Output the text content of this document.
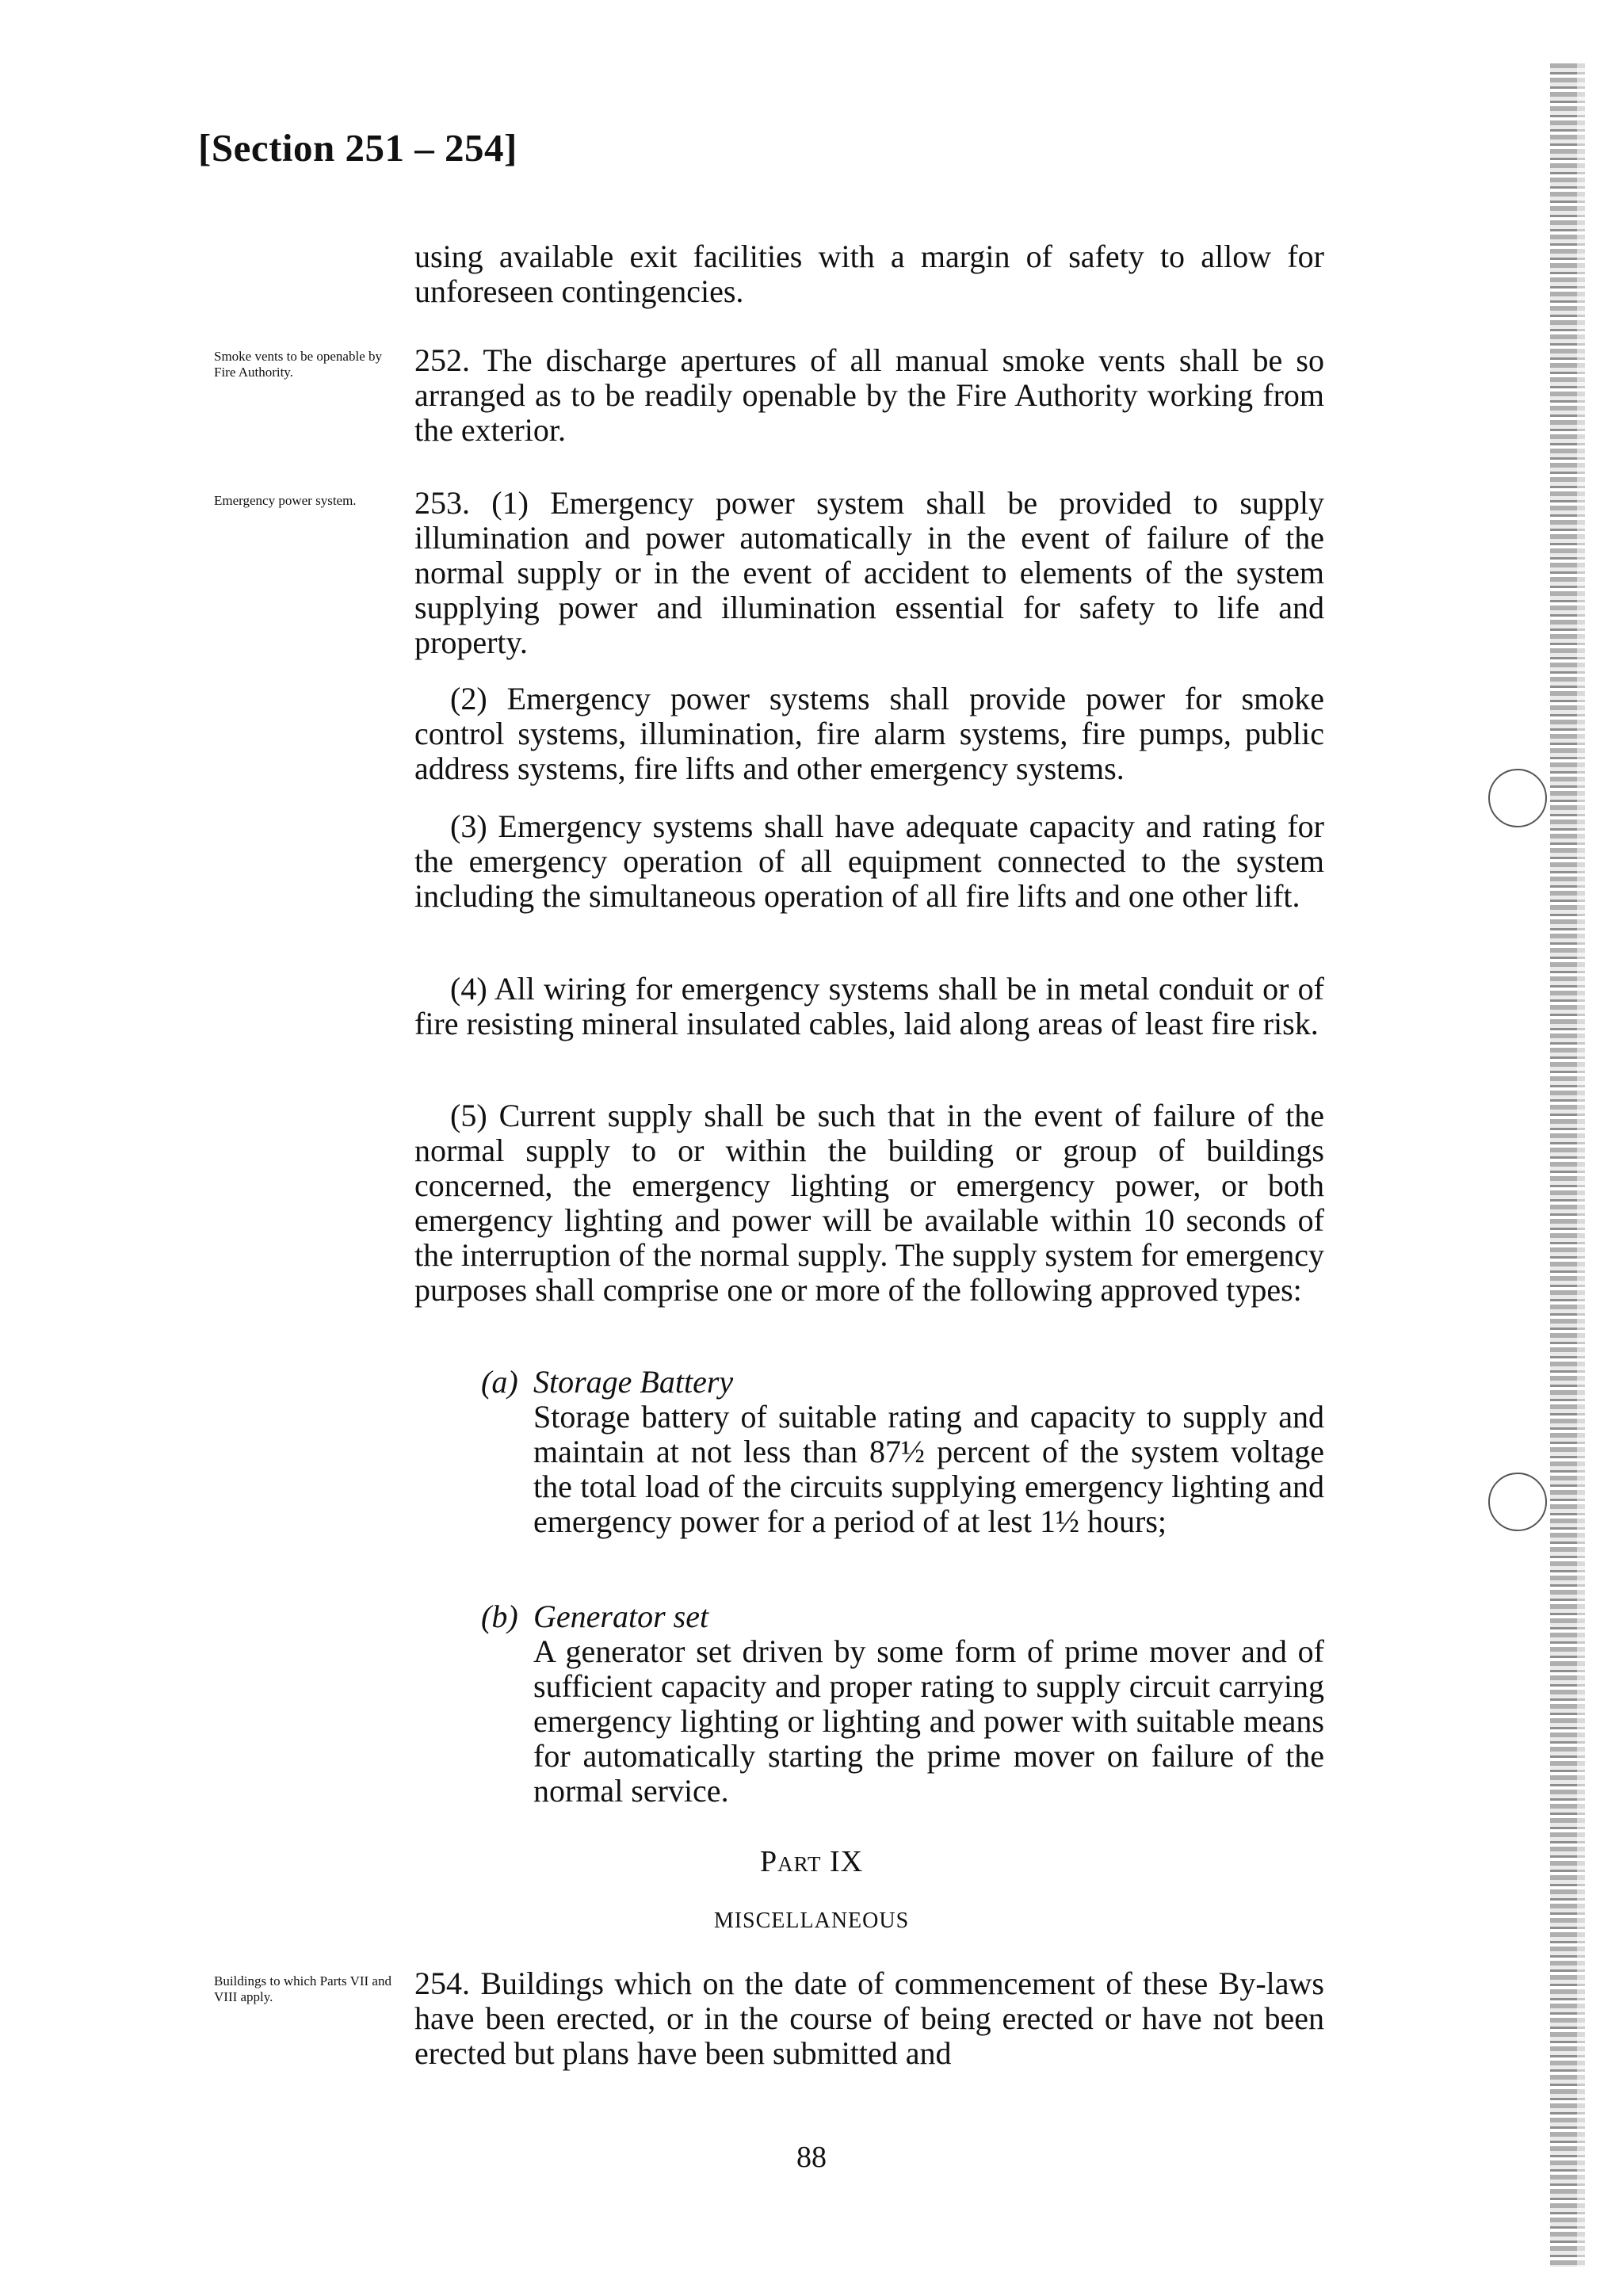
[Section 251 – 254]

using available exit facilities with a margin of safety to allow for unforeseen contingencies.

Smoke vents to be openable by Fire Authority.	252. The discharge apertures of all manual smoke vents shall be so arranged as to be readily openable by the Fire Authority working from the exterior.

Emergency power system.	253. (1) Emergency power system shall be provided to supply illumination and power automatically in the event of failure of the normal supply or in the event of accident to elements of the system supplying power and illumination essential for safety to life and property.

(2) Emergency power systems shall provide power for smoke control systems, illumination, fire alarm systems, fire pumps, public address systems, fire lifts and other emergency systems.

(3) Emergency systems shall have adequate capacity and rating for the emergency operation of all equipment connected to the system including the simultaneous operation of all fire lifts and one other lift.

(4) All wiring for emergency systems shall be in metal conduit or of fire resisting mineral insulated cables, laid along areas of least fire risk.

(5) Current supply shall be such that in the event of failure of the normal supply to or within the building or group of buildings concerned, the emergency lighting or emergency power, or both emergency lighting and power will be available within 10 seconds of the interruption of the normal supply. The supply system for emergency purposes shall comprise one or more of the following approved types:

(a) Storage Battery
Storage battery of suitable rating and capacity to supply and maintain at not less than 87½ percent of the system voltage the total load of the circuits supplying emergency lighting and emergency power for a period of at lest 1½ hours;
(b) Generator set
A generator set driven by some form of prime mover and of sufficient capacity and proper rating to supply circuit carrying emergency lighting or lighting and power with suitable means for automatically starting the prime mover on failure of the normal service.
Part IX
MISCELLANEOUS
Buildings to which Parts VII and VIII apply.	254. Buildings which on the date of commencement of these By-laws have been erected, or in the course of being erected or have not been erected but plans have been submitted and

88
